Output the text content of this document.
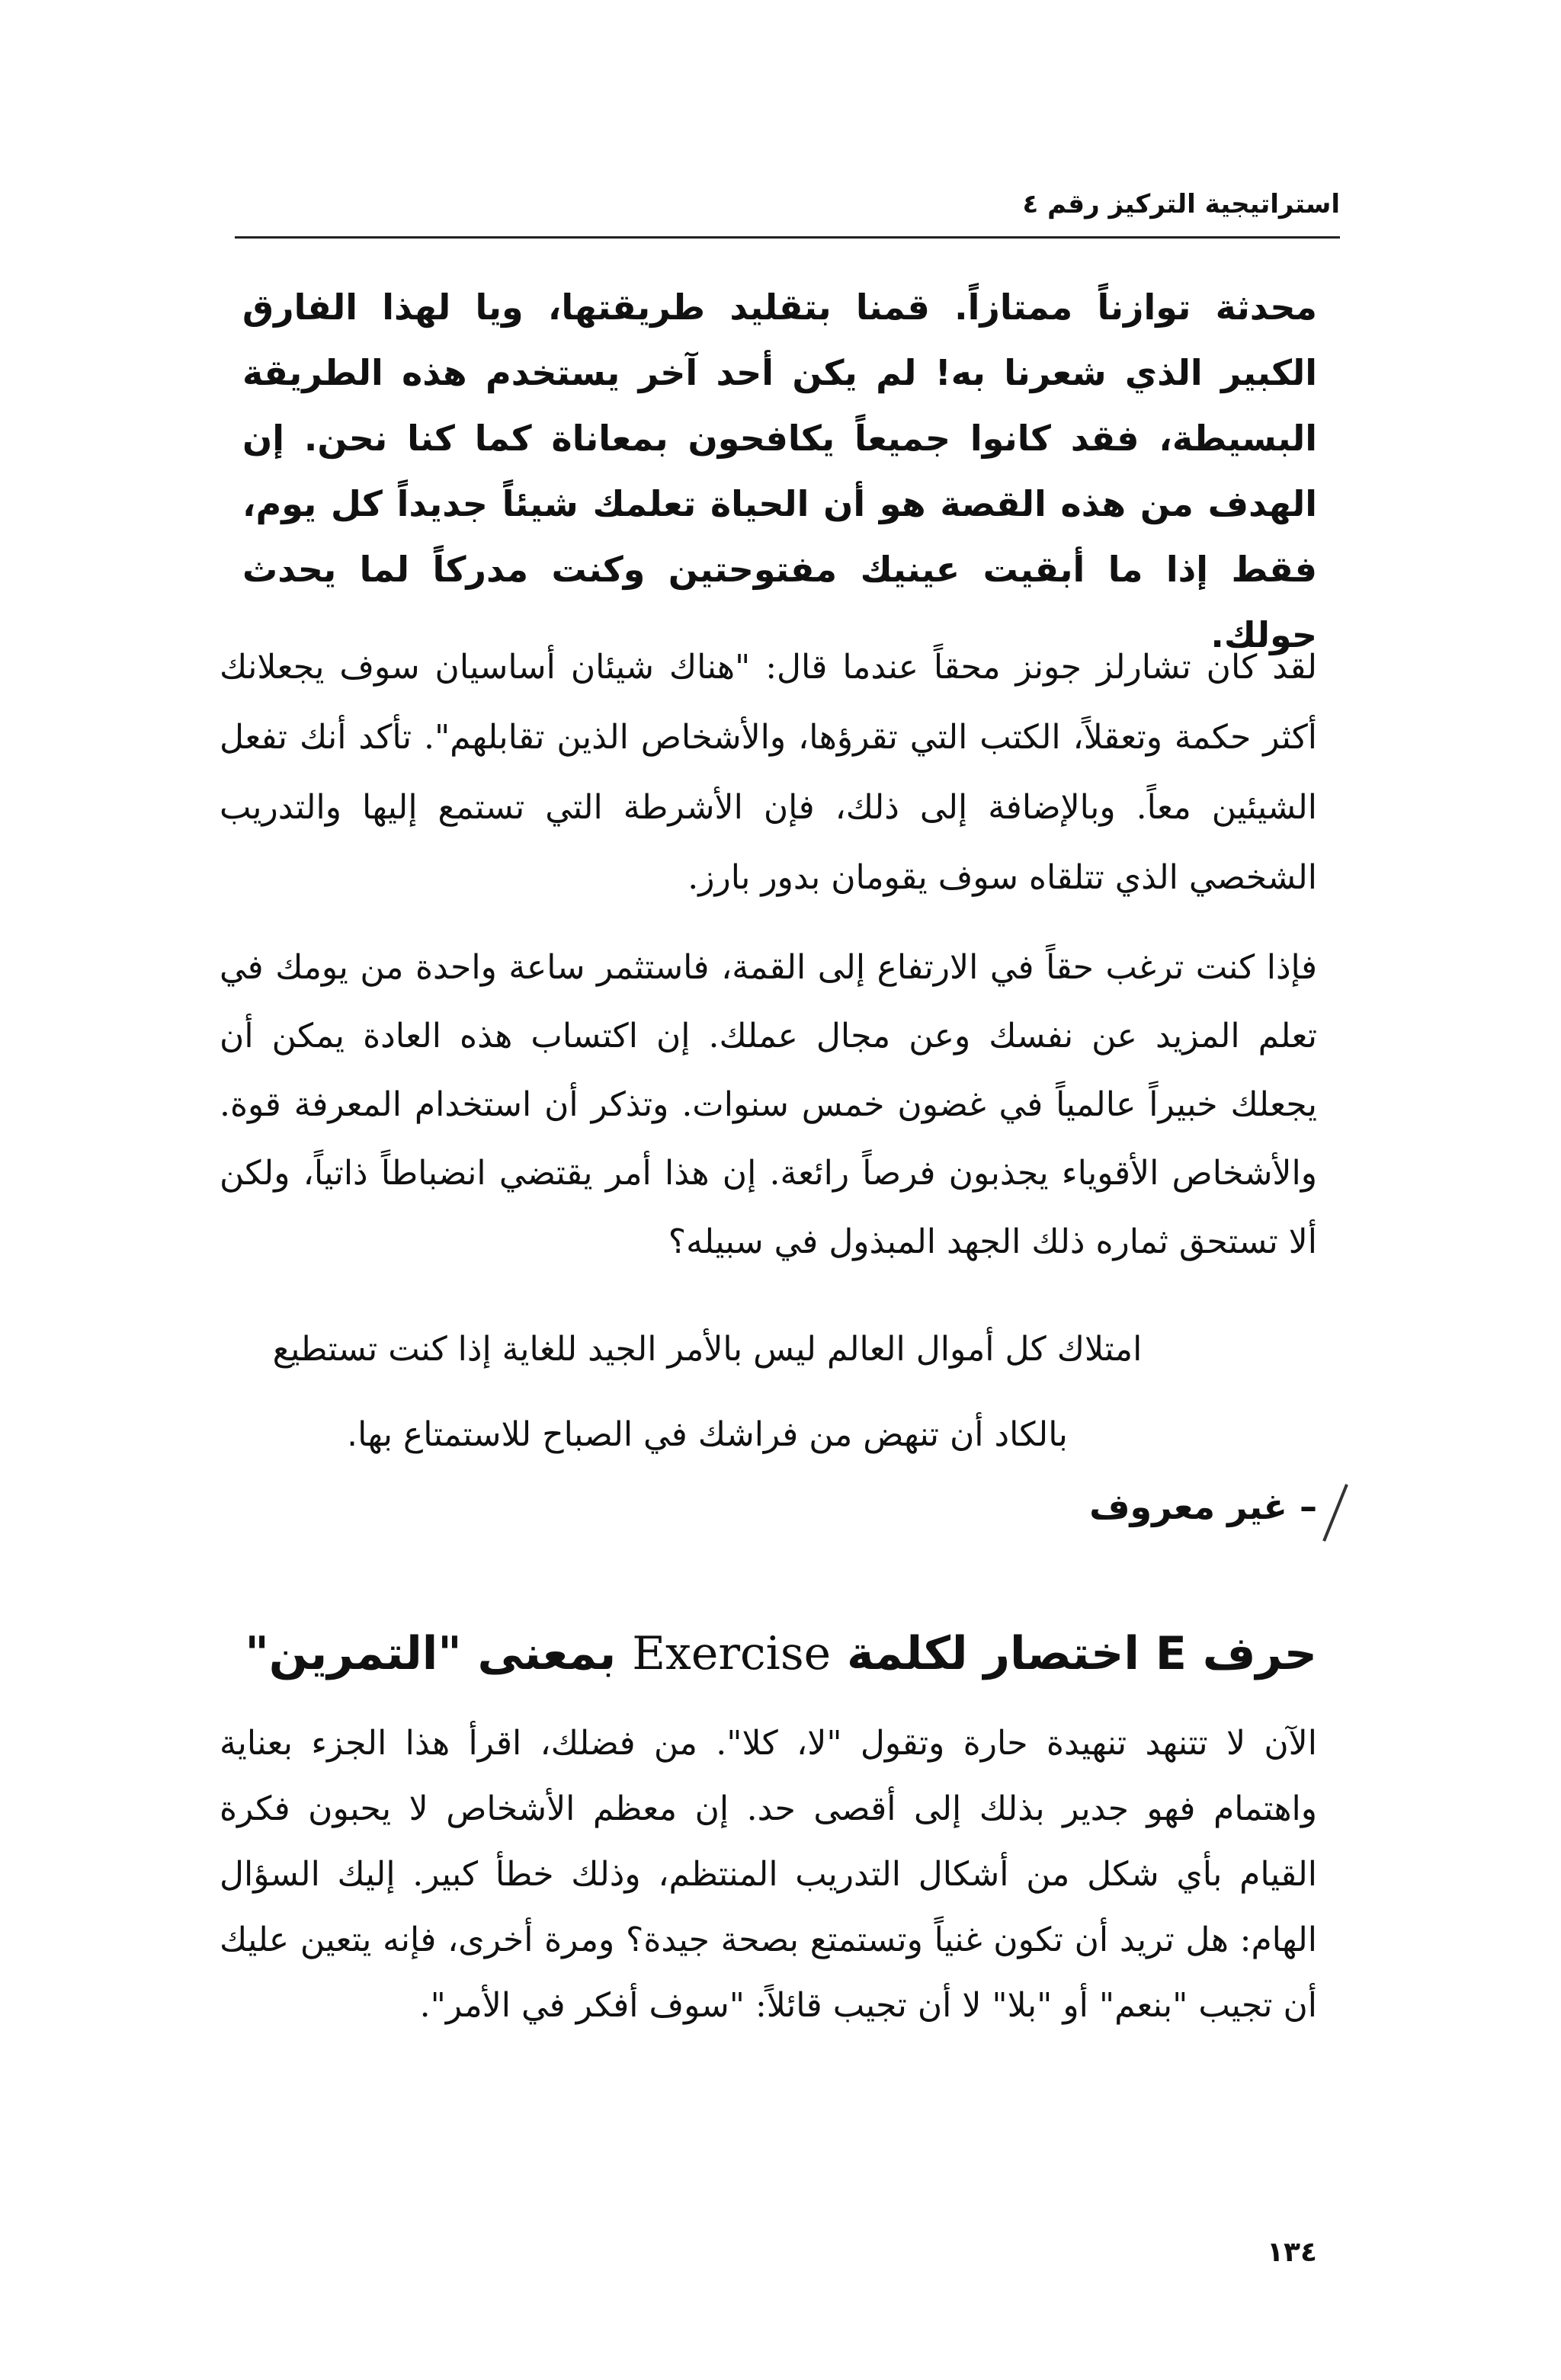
استراتيجية التركيز رقم ٤

محدثة توازناً ممتازاً. قمنا بتقليد طريقتها، ويا لهذا الفارق الكبير الذي شعرنا به! لم يكن أحد آخر يستخدم هذه الطريقة البسيطة، فقد كانوا جميعاً يكافحون بمعاناة كما كنا نحن. إن الهدف من هذه القصة هو أن الحياة تعلمك شيئاً جديداً كل يوم، فقط إذا ما أبقيت عينيك مفتوحتين وكنت مدركاً لما يحدث حولك.

لقد كان تشارلز جونز محقاً عندما قال: "هناك شيئان أساسيان سوف يجعلانك أكثر حكمة وتعقلاً، الكتب التي تقرؤها، والأشخاص الذين تقابلهم". تأكد أنك تفعل الشيئين معاً. وبالإضافة إلى ذلك، فإن الأشرطة التي تستمع إليها والتدريب الشخصي الذي تتلقاه سوف يقومان بدور بارز.

فإذا كنت ترغب حقاً في الارتفاع إلى القمة، فاستثمر ساعة واحدة من يومك في تعلم المزيد عن نفسك وعن مجال عملك. إن اكتساب هذه العادة يمكن أن يجعلك خبيراً عالمياً في غضون خمس سنوات. وتذكر أن استخدام المعرفة قوة. والأشخاص الأقوياء يجذبون فرصاً رائعة. إن هذا أمر يقتضي انضباطاً ذاتياً، ولكن ألا تستحق ثماره ذلك الجهد المبذول في سبيله؟

امتلاك كل أموال العالم ليس بالأمر الجيد للغاية إذا كنت تستطيع
بالكاد أن تنهض من فراشك في الصباح للاستمتاع بها.

– غير معروف

حرف E اختصار لكلمة Exercise بمعنى "التمرين"

الآن لا تتنهد تنهيدة حارة وتقول "لا، كلا". من فضلك، اقرأ هذا الجزء بعناية واهتمام فهو جدير بذلك إلى أقصى حد. إن معظم الأشخاص لا يحبون فكرة القيام بأي شكل من أشكال التدريب المنتظم، وذلك خطأ كبير. إليك السؤال الهام: هل تريد أن تكون غنياً وتستمتع بصحة جيدة؟ ومرة أخرى، فإنه يتعين عليك أن تجيب "بنعم" أو "بلا" لا أن تجيب قائلاً: "سوف أفكر في الأمر".

١٣٤
